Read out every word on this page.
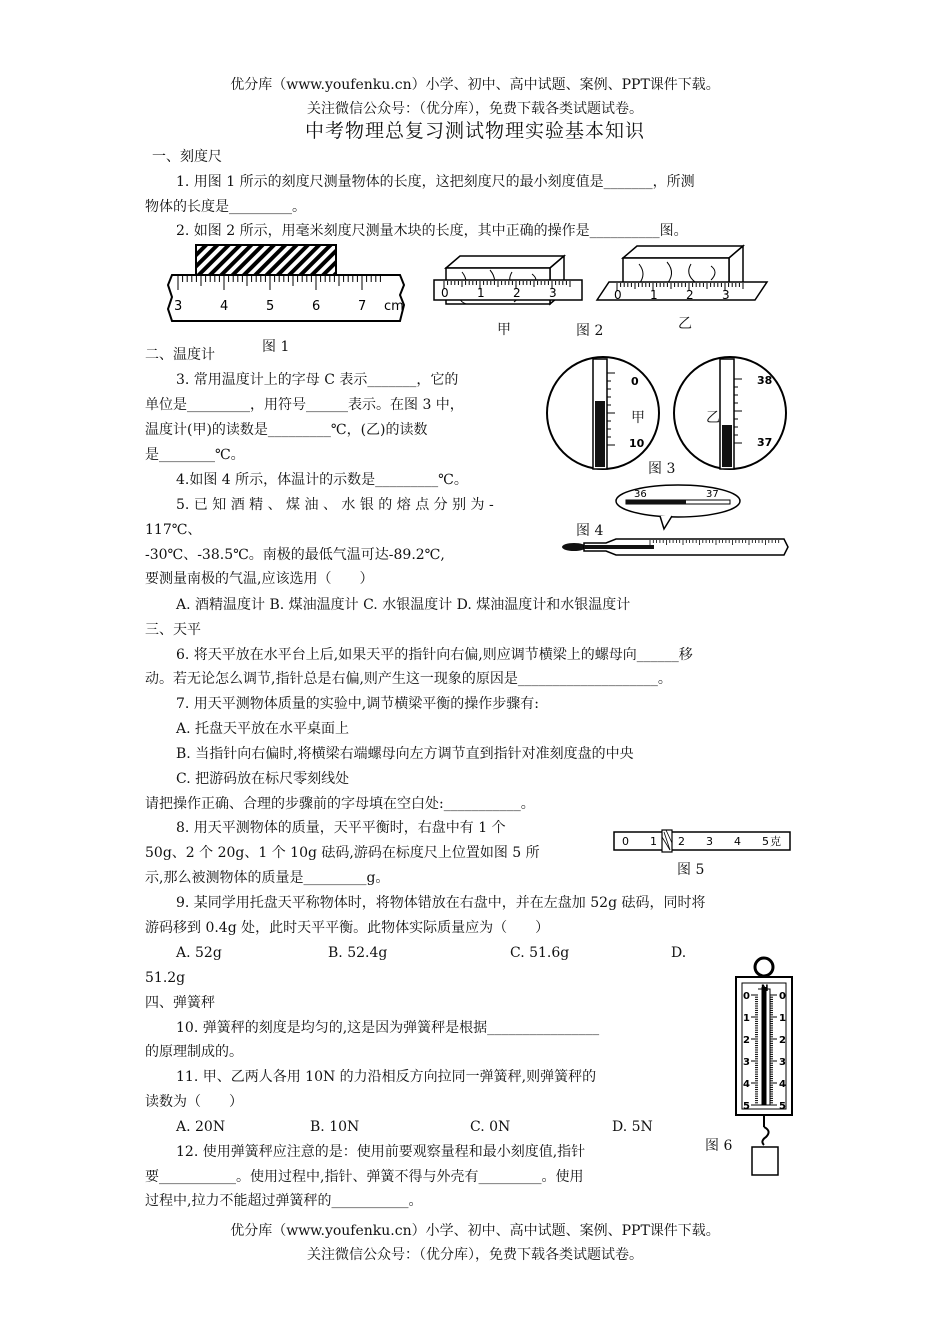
优分库（www.youfenku.cn）小学、初中、高中试题、案例、PPT课件下载。
关注微信公众号：（优分库），免费下载各类试题试卷。
中考物理总复习测试物理实验基本知识
一、刻度尺
1. 用图 1 所示的刻度尺测量物体的长度，这把刻度尺的最小刻度值是_______，所测
物体的长度是_________。
2. 如图 2 所示，用毫米刻度尺测量木块的长度，其中正确的操作是__________图。
3	4	5	6	7 cm
图 1
0 1 2 3
甲
0 1 2 3
图 2	乙
二、温度计
3. 常用温度计上的字母 C 表示_______，它的
单位是_________，用符号______表示。在图 3 中，
温度计(甲)的读数是_________℃，(乙)的读数
是________℃。
4.如图 4 所示，体温计的示数是_________℃。
5. 已 知 酒 精 、 煤 油 、 水 银 的 熔 点 分 别 为 -
117℃、
-30℃、-38.5℃。南极的最低气温可达-89.2℃,
要测量南极的气温,应该选用（　　）
A. 酒精温度计 B. 煤油温度计 C. 水银温度计 D. 煤油温度计和水银温度计
0
10
38
37
甲	乙
图 3
36	37
图 4
三、天平
6. 将天平放在水平台上后,如果天平的指针向右偏,则应调节横梁上的螺母向______移
动。若无论怎么调节,指针总是右偏,则产生这一现象的原因是____________________。
7. 用天平测物体质量的实验中,调节横梁平衡的操作步骤有:
A. 托盘天平放在水平桌面上
B. 当指针向右偏时,将横梁右端螺母向左方调节直到指针对准刻度盘的中央
C. 把游码放在标尺零刻线处
请把操作正确、合理的步骤前的字母填在空白处:___________。
8. 用天平测物体的质量，天平平衡时，右盘中有 1 个
50g、2 个 20g、1 个 10g 砝码,游码在标度尺上位置如图 5 所
示,那么被测物体的质量是_________g。
0 1 2 3 4 5 克
图 5
9. 某同学用托盘天平称物体时，将物体错放在右盘中，并在左盘加 52g 砝码，同时将
游码移到 0.4g 处，此时天平平衡。此物体实际质量应为（　　）
A. 52g	B. 52.4g	C. 51.6g	D.
51.2g
四、弹簧秤
10. 弹簧秤的刻度是均匀的,这是因为弹簧秤是根据________________
的原理制成的。
11. 甲、乙两人各用 10N 的力沿相反方向拉同一弹簧秤,则弹簧秤的
读数为（　　）
A. 20N	B. 10N	C. 0N	D. 5N
12. 使用弹簧秤应注意的是：使用前要观察量程和最小刻度值,指针
要___________。使用过程中,指针、弹簧不得与外壳有_________。使用
过程中,拉力不能超过弹簧秤的___________。
N
0	0
1	1
2	2
3	3
4	4
5	5
图 6
优分库（www.youfenku.cn）小学、初中、高中试题、案例、PPT课件下载。
关注微信公众号：（优分库），免费下载各类试题试卷。
